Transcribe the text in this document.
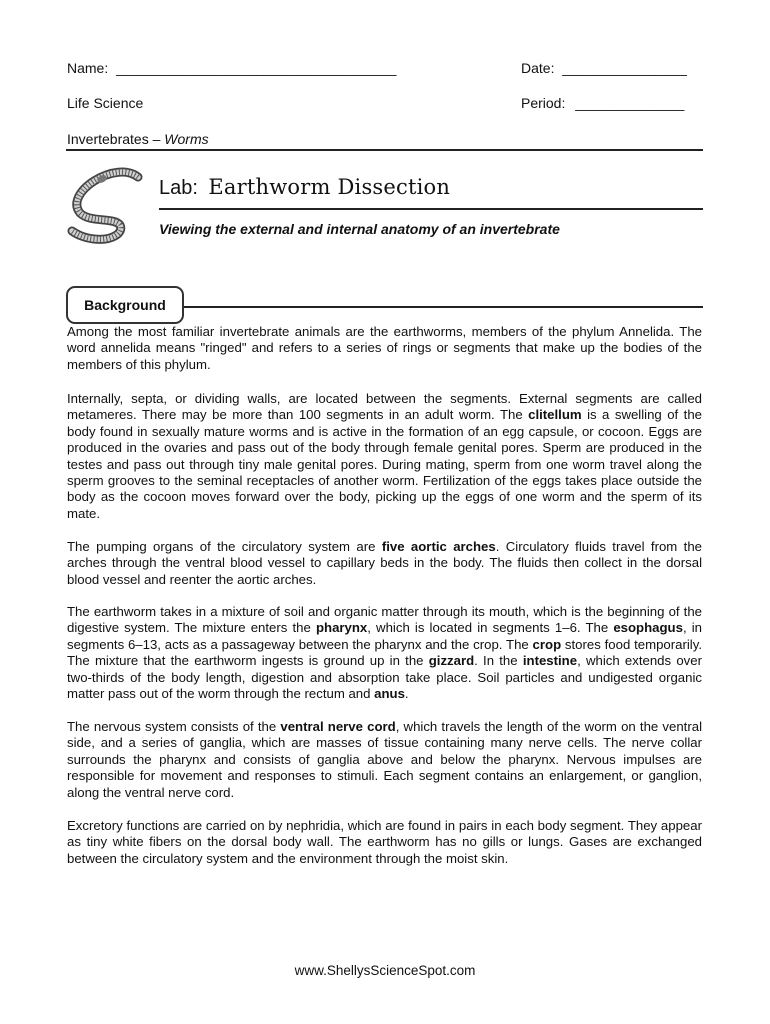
Name: ____________________________________	Date: ________________
Life Science	Period: ______________
Invertebrates – Worms
Lab: Earthworm Dissection
Viewing the external and internal anatomy of an invertebrate
Background

Among the most familiar invertebrate animals are the earthworms, members of the phylum Annelida. The word annelida means "ringed" and refers to a series of rings or segments that make up the bodies of the members of this phylum.

Internally, septa, or dividing walls, are located between the segments. External segments are called metameres. There may be more than 100 segments in an adult worm. The clitellum is a swelling of the body found in sexually mature worms and is active in the formation of an egg capsule, or cocoon. Eggs are produced in the ovaries and pass out of the body through female genital pores. Sperm are produced in the testes and pass out through tiny male genital pores. During mating, sperm from one worm travel along the sperm grooves to the seminal receptacles of another worm. Fertilization of the eggs takes place outside the body as the cocoon moves forward over the body, picking up the eggs of one worm and the sperm of its mate.

The pumping organs of the circulatory system are five aortic arches. Circulatory fluids travel from the arches through the ventral blood vessel to capillary beds in the body. The fluids then collect in the dorsal blood vessel and reenter the aortic arches.

The earthworm takes in a mixture of soil and organic matter through its mouth, which is the beginning of the digestive system. The mixture enters the pharynx, which is located in segments 1–6. The esophagus, in segments 6–13, acts as a passageway between the pharynx and the crop. The crop stores food temporarily. The mixture that the earthworm ingests is ground up in the gizzard. In the intestine, which extends over two-thirds of the body length, digestion and absorption take place. Soil particles and undigested organic matter pass out of the worm through the rectum and anus.

The nervous system consists of the ventral nerve cord, which travels the length of the worm on the ventral side, and a series of ganglia, which are masses of tissue containing many nerve cells. The nerve collar surrounds the pharynx and consists of ganglia above and below the pharynx. Nervous impulses are responsible for movement and responses to stimuli. Each segment contains an enlargement, or ganglion, along the ventral nerve cord.

Excretory functions are carried on by nephridia, which are found in pairs in each body segment. They appear as tiny white fibers on the dorsal body wall. The earthworm has no gills or lungs. Gases are exchanged between the circulatory system and the environment through the moist skin.

www.ShellysScienceSpot.com
